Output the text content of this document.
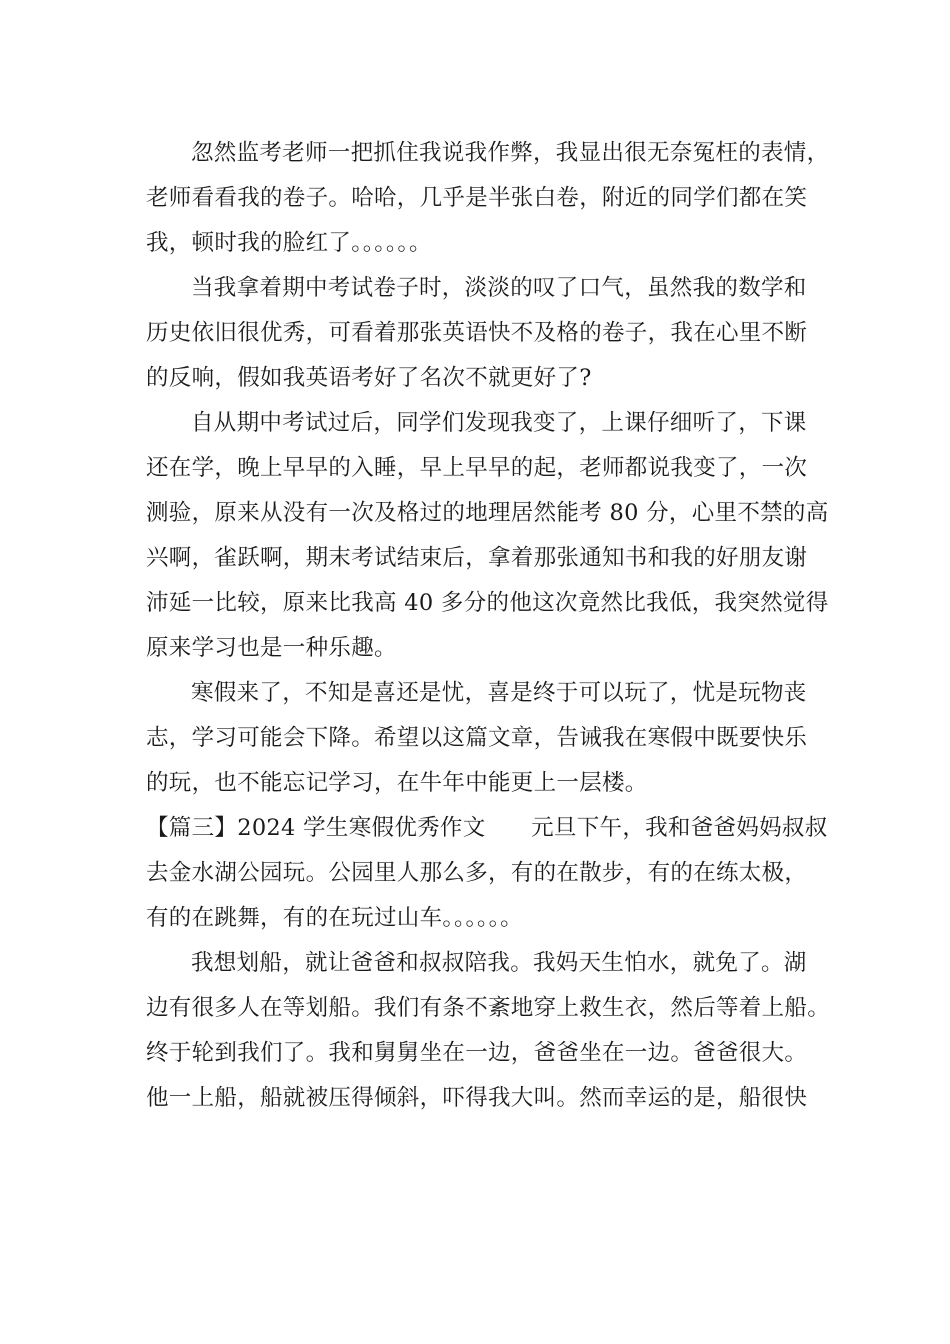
忽然监考老师一把抓住我说我作弊，我显出很无奈冤枉的表情，
老师看看我的卷子。哈哈，几乎是半张白卷，附近的同学们都在笑
我，顿时我的脸红了。。。。。。
当我拿着期中考试卷子时，淡淡的叹了口气，虽然我的数学和
历史依旧很优秀，可看着那张英语快不及格的卷子，我在心里不断
的反响，假如我英语考好了名次不就更好了?
自从期中考试过后，同学们发现我变了，上课仔细听了，下课
还在学，晚上早早的入睡，早上早早的起，老师都说我变了，一次
测验，原来从没有一次及格过的地理居然能考 80 分，心里不禁的高
兴啊，雀跃啊，期末考试结束后，拿着那张通知书和我的好朋友谢
沛延一比较，原来比我高 40 多分的他这次竟然比我低，我突然觉得
原来学习也是一种乐趣。
寒假来了，不知是喜还是忧，喜是终于可以玩了，忧是玩物丧
志，学习可能会下降。希望以这篇文章，告诫我在寒假中既要快乐
的玩，也不能忘记学习，在牛年中能更上一层楼。
【篇三】2024 学生寒假优秀作文　　元旦下午，我和爸爸妈妈叔叔
去金水湖公园玩。公园里人那么多，有的在散步，有的在练太极，
有的在跳舞，有的在玩过山车。。。。。。
我想划船，就让爸爸和叔叔陪我。我妈天生怕水，就免了。湖
边有很多人在等划船。我们有条不紊地穿上救生衣，然后等着上船。
终于轮到我们了。我和舅舅坐在一边，爸爸坐在一边。爸爸很大。
他一上船，船就被压得倾斜，吓得我大叫。然而幸运的是，船很快
